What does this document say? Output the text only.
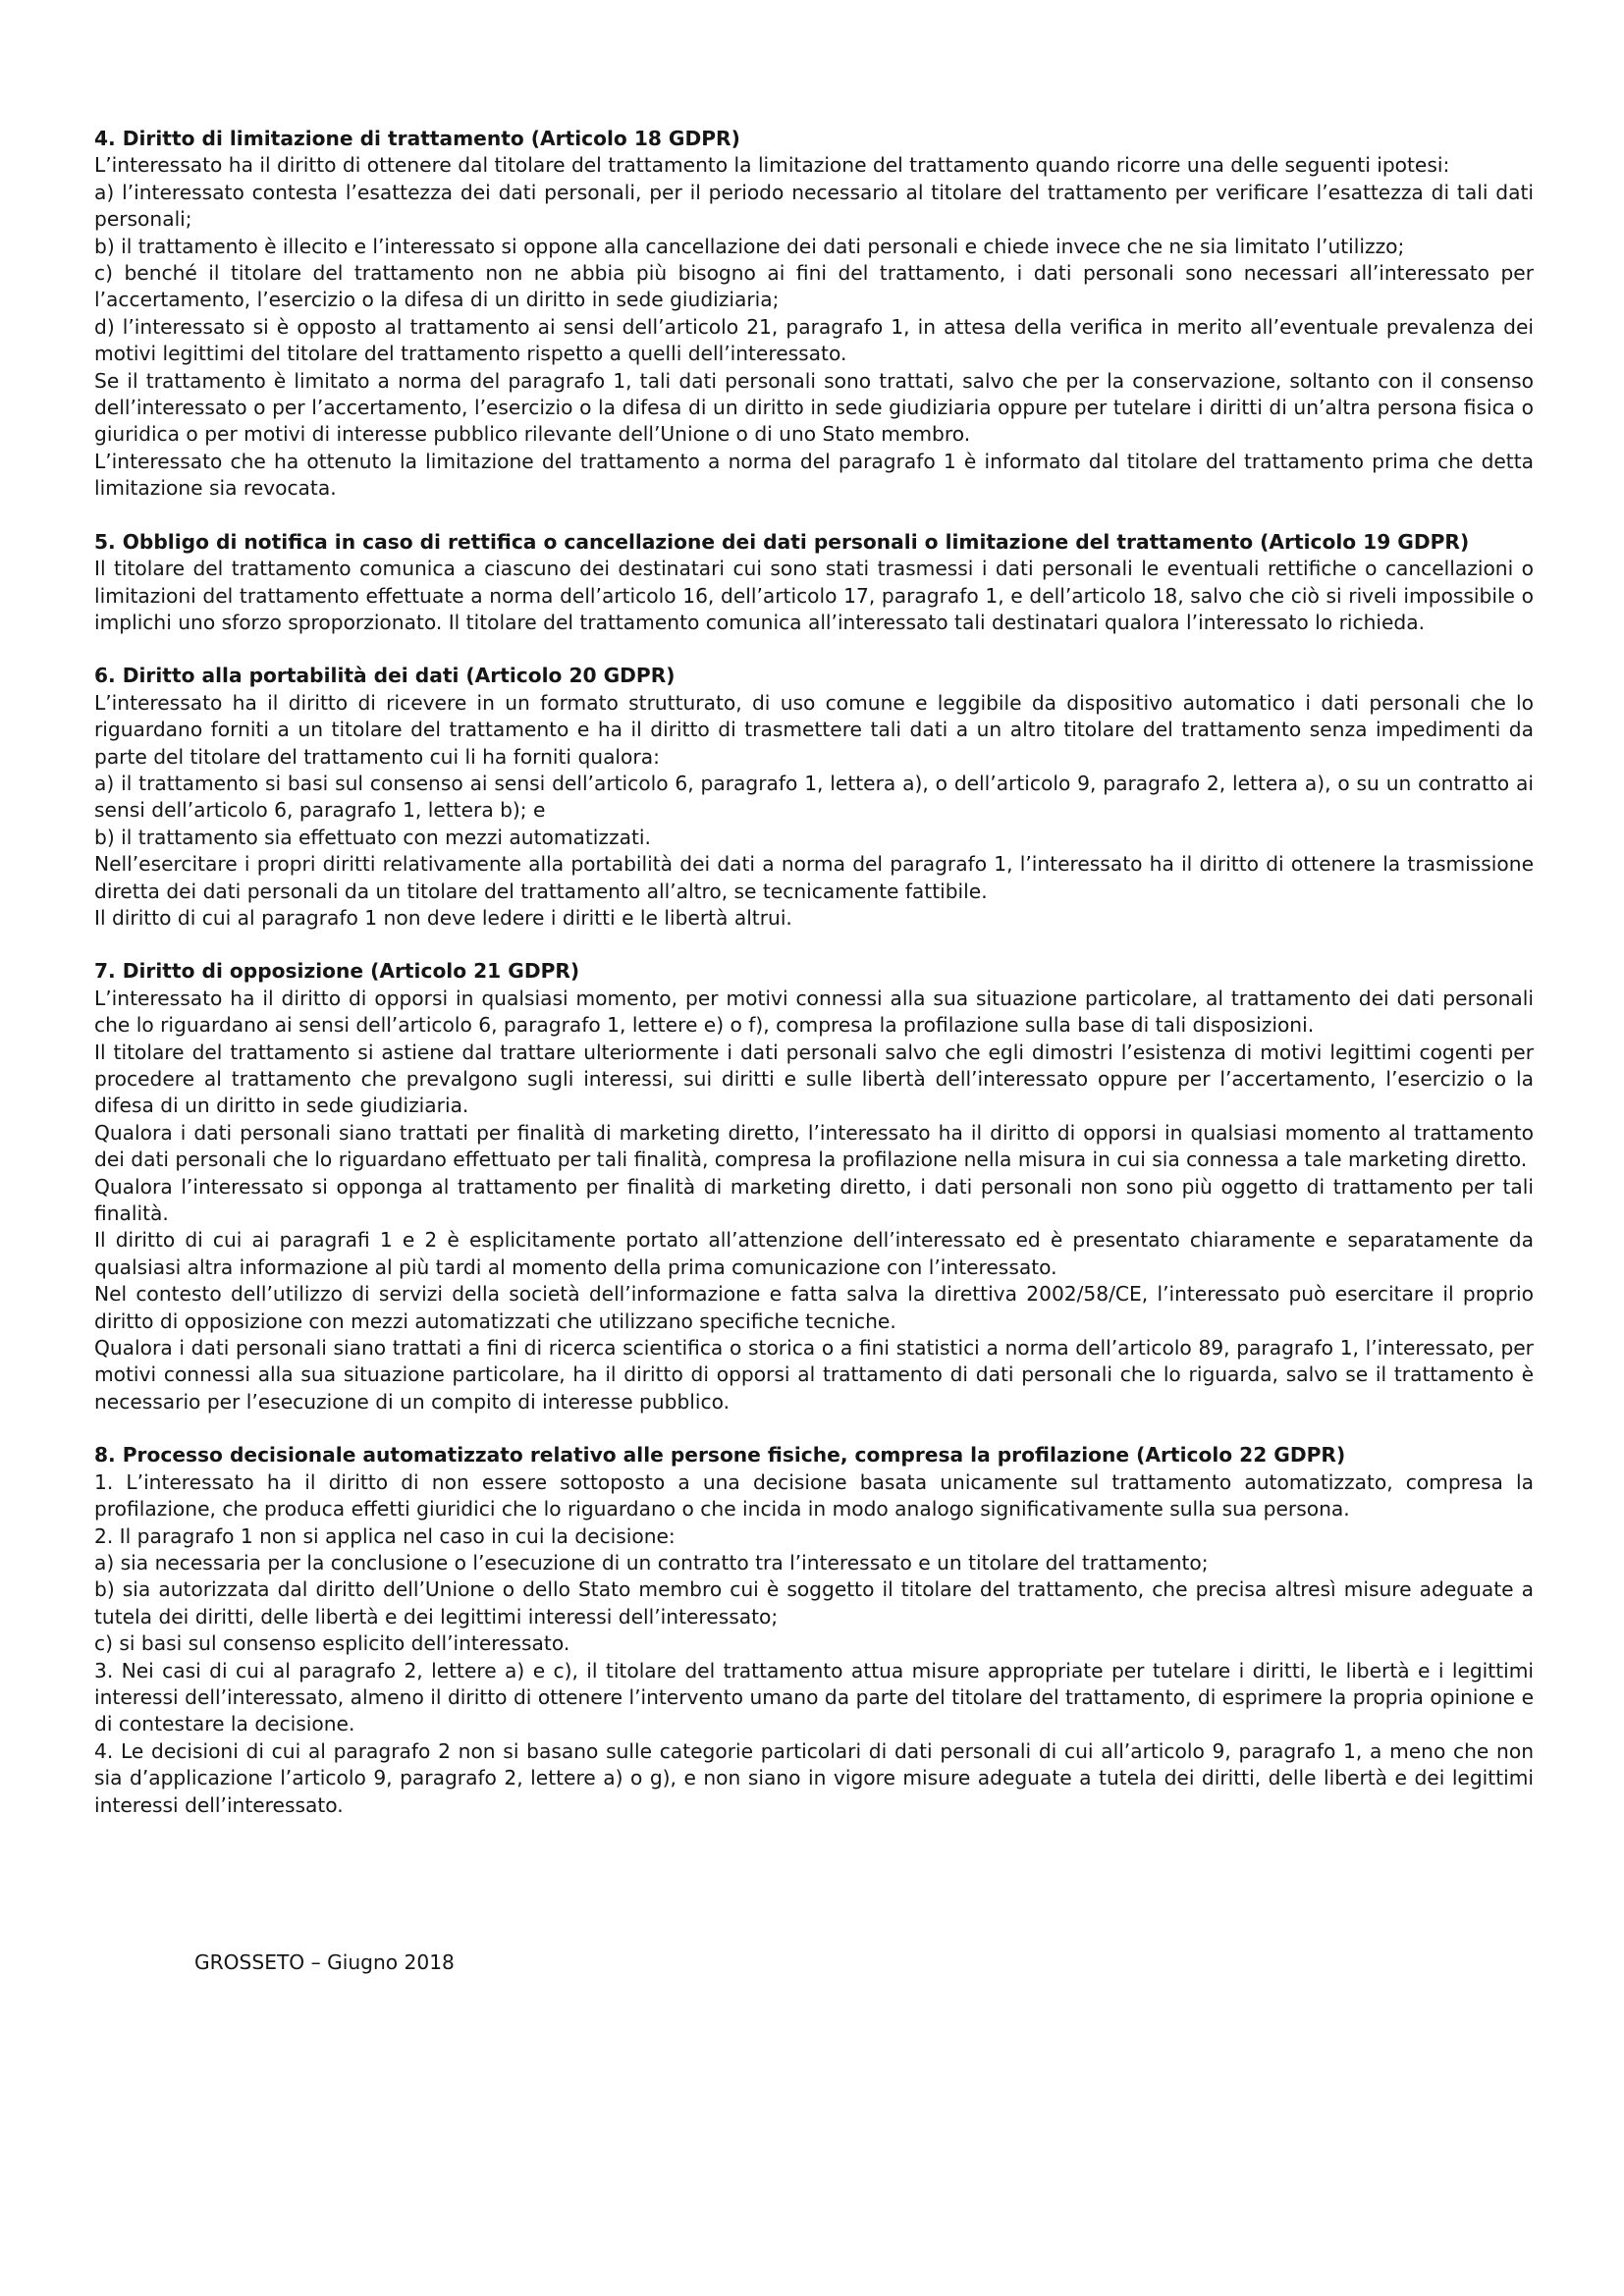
4. Diritto di limitazione di trattamento (Articolo 18 GDPR)

L’interessato ha il diritto di ottenere dal titolare del trattamento la limitazione del trattamento quando ricorre una delle seguenti ipotesi:

a) l’interessato contesta l’esattezza dei dati personali, per il periodo necessario al titolare del trattamento per verificare l’esattezza di tali dati personali;

b) il trattamento è illecito e l’interessato si oppone alla cancellazione dei dati personali e chiede invece che ne sia limitato l’utilizzo;

c) benché il titolare del trattamento non ne abbia più bisogno ai fini del trattamento, i dati personali sono necessari all’interessato per l’accertamento, l’esercizio o la difesa di un diritto in sede giudiziaria;

d) l’interessato si è opposto al trattamento ai sensi dell’articolo 21, paragrafo 1, in attesa della verifica in merito all’eventuale prevalenza dei motivi legittimi del titolare del trattamento rispetto a quelli dell’interessato.

Se il trattamento è limitato a norma del paragrafo 1, tali dati personali sono trattati, salvo che per la conservazione, soltanto con il consenso dell’interessato o per l’accertamento, l’esercizio o la difesa di un diritto in sede giudiziaria oppure per tutelare i diritti di un’altra persona fisica o giuridica o per motivi di interesse pubblico rilevante dell’Unione o di uno Stato membro.

L’interessato che ha ottenuto la limitazione del trattamento a norma del paragrafo 1 è informato dal titolare del trattamento prima che detta limitazione sia revocata.

5. Obbligo di notifica in caso di rettifica o cancellazione dei dati personali o limitazione del trattamento (Articolo 19 GDPR)

Il titolare del trattamento comunica a ciascuno dei destinatari cui sono stati trasmessi i dati personali le eventuali rettifiche o cancellazioni o limitazioni del trattamento effettuate a norma dell’articolo 16, dell’articolo 17, paragrafo 1, e dell’articolo 18, salvo che ciò si riveli impossibile o implichi uno sforzo sproporzionato. Il titolare del trattamento comunica all’interessato tali destinatari qualora l’interessato lo richieda.

6. Diritto alla portabilità dei dati (Articolo 20 GDPR)

L’interessato ha il diritto di ricevere in un formato strutturato, di uso comune e leggibile da dispositivo automatico i dati personali che lo riguardano forniti a un titolare del trattamento e ha il diritto di trasmettere tali dati a un altro titolare del trattamento senza impedimenti da parte del titolare del trattamento cui li ha forniti qualora:

a) il trattamento si basi sul consenso ai sensi dell’articolo 6, paragrafo 1, lettera a), o dell’articolo 9, paragrafo 2, lettera a), o su un contratto ai sensi dell’articolo 6, paragrafo 1, lettera b); e

b) il trattamento sia effettuato con mezzi automatizzati.

Nell’esercitare i propri diritti relativamente alla portabilità dei dati a norma del paragrafo 1, l’interessato ha il diritto di ottenere la trasmissione diretta dei dati personali da un titolare del trattamento all’altro, se tecnicamente fattibile.

Il diritto di cui al paragrafo 1 non deve ledere i diritti e le libertà altrui.

7. Diritto di opposizione (Articolo 21 GDPR)

L’interessato ha il diritto di opporsi in qualsiasi momento, per motivi connessi alla sua situazione particolare, al trattamento dei dati personali che lo riguardano ai sensi dell’articolo 6, paragrafo 1, lettere e) o f), compresa la profilazione sulla base di tali disposizioni.

Il titolare del trattamento si astiene dal trattare ulteriormente i dati personali salvo che egli dimostri l’esistenza di motivi legittimi cogenti per procedere al trattamento che prevalgono sugli interessi, sui diritti e sulle libertà dell’interessato oppure per l’accertamento, l’esercizio o la difesa di un diritto in sede giudiziaria.

Qualora i dati personali siano trattati per finalità di marketing diretto, l’interessato ha il diritto di opporsi in qualsiasi momento al trattamento dei dati personali che lo riguardano effettuato per tali finalità, compresa la profilazione nella misura in cui sia connessa a tale marketing diretto.

Qualora l’interessato si opponga al trattamento per finalità di marketing diretto, i dati personali non sono più oggetto di trattamento per tali finalità.

Il diritto di cui ai paragrafi 1 e 2 è esplicitamente portato all’attenzione dell’interessato ed è presentato chiaramente e separatamente da qualsiasi altra informazione al più tardi al momento della prima comunicazione con l’interessato.

Nel contesto dell’utilizzo di servizi della società dell’informazione e fatta salva la direttiva 2002/58/CE, l’interessato può esercitare il proprio diritto di opposizione con mezzi automatizzati che utilizzano specifiche tecniche.

Qualora i dati personali siano trattati a fini di ricerca scientifica o storica o a fini statistici a norma dell’articolo 89, paragrafo 1, l’interessato, per motivi connessi alla sua situazione particolare, ha il diritto di opporsi al trattamento di dati personali che lo riguarda, salvo se il trattamento è necessario per l’esecuzione di un compito di interesse pubblico.

8. Processo decisionale automatizzato relativo alle persone fisiche, compresa la profilazione (Articolo 22 GDPR)

1. L’interessato ha il diritto di non essere sottoposto a una decisione basata unicamente sul trattamento automatizzato, compresa la profilazione, che produca effetti giuridici che lo riguardano o che incida in modo analogo significativamente sulla sua persona.

2. Il paragrafo 1 non si applica nel caso in cui la decisione:

a) sia necessaria per la conclusione o l’esecuzione di un contratto tra l’interessato e un titolare del trattamento;

b) sia autorizzata dal diritto dell’Unione o dello Stato membro cui è soggetto il titolare del trattamento, che precisa altresì misure adeguate a tutela dei diritti, delle libertà e dei legittimi interessi dell’interessato;

c) si basi sul consenso esplicito dell’interessato.

3. Nei casi di cui al paragrafo 2, lettere a) e c), il titolare del trattamento attua misure appropriate per tutelare i diritti, le libertà e i legittimi interessi dell’interessato, almeno il diritto di ottenere l’intervento umano da parte del titolare del trattamento, di esprimere la propria opinione e di contestare la decisione.

4. Le decisioni di cui al paragrafo 2 non si basano sulle categorie particolari di dati personali di cui all’articolo 9, paragrafo 1, a meno che non sia d’applicazione l’articolo 9, paragrafo 2, lettere a) o g), e non siano in vigore misure adeguate a tutela dei diritti, delle libertà e dei legittimi interessi dell’interessato.

GROSSETO – Giugno 2018
